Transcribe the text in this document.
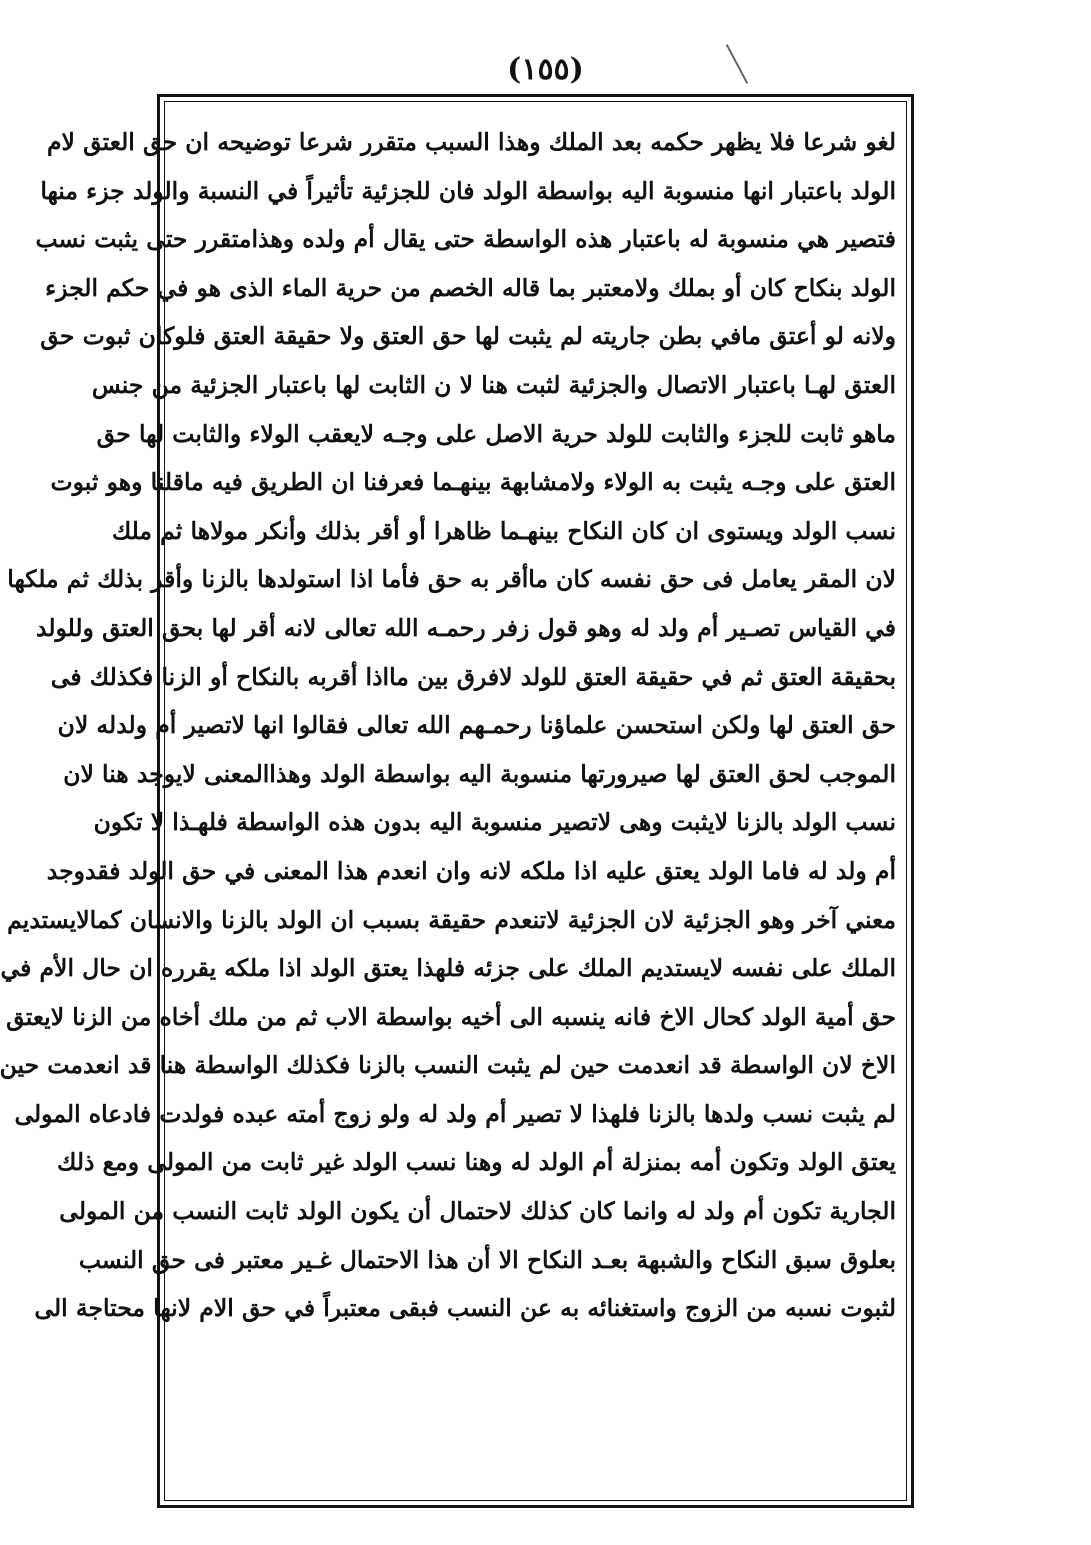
(١٥٥)
لغو شرعا فلا يظهر حكمه بعد الملك وهذا السبب متقرر شرعا توضيحه ان حق العتق لام
الولد باعتبار انها منسوبة اليه بواسطة الولد فان للجزئية تأثيراً في النسبة والولد جزء منها
فتصير هي منسوبة له باعتبار هذه الواسطة حتى يقال أم ولده وهذامتقرر حتى يثبت نسب
الولد بنكاح كان أو بملك ولامعتبر بما قاله الخصم من حرية الماء الذى هو في حكم الجزء
ولانه لو أعتق مافي بطن جاريته لم يثبت لها حق العتق ولا حقيقة العتق فلوكان ثبوت حق
العتق لهـا باعتبار الاتصال والجزئية لثبت هنا لا ن الثابت لها باعتبار الجزئية من جنس
ماهو ثابت للجزء والثابت للولد حرية الاصل على وجـه لايعقب الولاء والثابت لها حق
العتق على وجـه يثبت به الولاء ولامشابهة بينهـما فعرفنا ان الطريق فيه ماقلنا وهو ثبوت
نسب الولد ويستوى ان كان النكاح بينهـما ظاهرا أو أقر بذلك وأنكر مولاها ثم ملك
لان المقر يعامل فى حق نفسه كان ماأقر به حق فأما اذا استولدها بالزنا وأقر بذلك ثم ملكها
في القياس تصـير أم ولد له وهو قول زفر رحمـه الله تعالى لانه أقر لها بحق العتق وللولد
بحقيقة العتق ثم في حقيقة العتق للولد لافرق بين مااذا أقربه بالنكاح أو الزنا فكذلك فى
حق العتق لها ولكن استحسن علماؤنا رحمـهم الله تعالى فقالوا انها لاتصير أم ولدله لان
الموجب لحق العتق لها صيرورتها منسوبة اليه بواسطة الولد وهذاالمعنى لايوجد هنا لان
نسب الولد بالزنا لايثبت وهى لاتصير منسوبة اليه بدون هذه الواسطة فلهـذا لا تكون
أم ولد له فاما الولد يعتق عليه اذا ملكه لانه وان انعدم هذا المعنى في حق الولد فقدوجد
معني آخر وهو الجزئية لان الجزئية لاتنعدم حقيقة بسبب ان الولد بالزنا والانسان كمالايستديم
الملك على نفسه لايستديم الملك على جزئه فلهذا يعتق الولد اذا ملكه يقرره ان حال الأم في
حق أمية الولد كحال الاخ فانه ينسبه الى أخيه بواسطة الاب ثم من ملك أخاه من الزنا لايعتق
الاخ لان الواسطة قد انعدمت حين لم يثبت النسب بالزنا فكذلك الواسطة هنا قد انعدمت حين
لم يثبت نسب ولدها بالزنا فلهذا لا تصير أم ولد له ولو زوج أمته عبده فولدت فادعاه المولى
يعتق الولد وتكون أمه بمنزلة أم الولد له وهنا نسب الولد غير ثابت من المولى ومع ذلك
الجارية تكون أم ولد له وانما كان كذلك لاحتمال أن يكون الولد ثابت النسب من المولى
بعلوق سبق النكاح والشبهة بعـد النكاح الا أن هذا الاحتمال غـير معتبر فى حق النسب
لثبوت نسبه من الزوج واستغنائه به عن النسب فبقى معتبراً في حق الام لانها محتاجة الى
